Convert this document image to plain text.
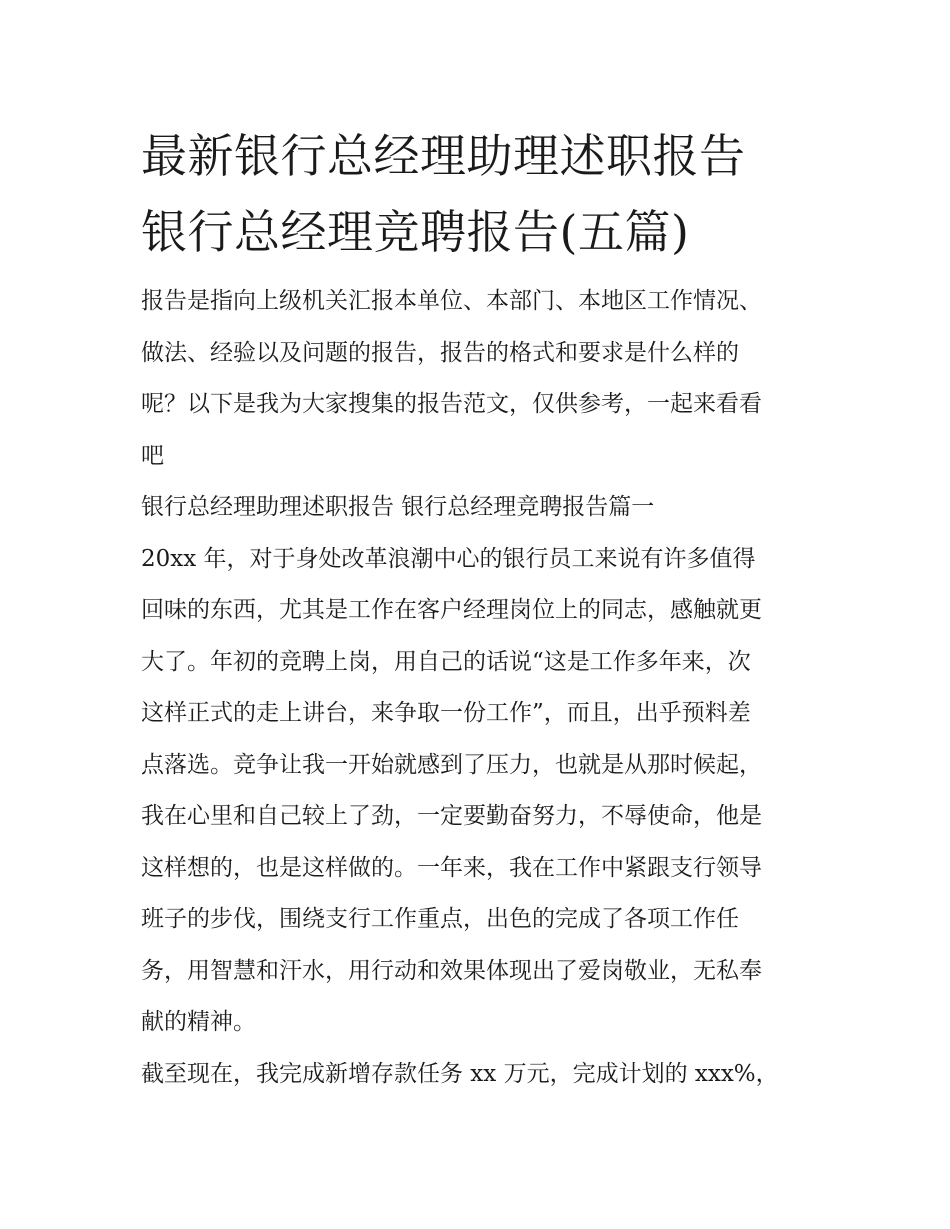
最新银行总经理助理述职报告
银行总经理竞聘报告(五篇)

报告是指向上级机关汇报本单位、本部门、本地区工作情况、

做法、经验以及问题的报告，报告的格式和要求是什么样的

呢？以下是我为大家搜集的报告范文，仅供参考，一起来看看

吧

银行总经理助理述职报告 银行总经理竞聘报告篇一

20xx 年，对于身处改革浪潮中心的银行员工来说有许多值得

回味的东西，尤其是工作在客户经理岗位上的同志，感触就更

大了。年初的竞聘上岗，用自己的话说“这是工作多年来，次

这样正式的走上讲台，来争取一份工作”，而且，出乎预料差

点落选。竞争让我一开始就感到了压力，也就是从那时候起，

我在心里和自己较上了劲，一定要勤奋努力，不辱使命，他是

这样想的，也是这样做的。一年来，我在工作中紧跟支行领导

班子的步伐，围绕支行工作重点，出色的完成了各项工作任

务，用智慧和汗水，用行动和效果体现出了爱岗敬业，无私奉

献的精神。

截至现在，我完成新增存款任务 xx 万元，完成计划的 xxx%，
